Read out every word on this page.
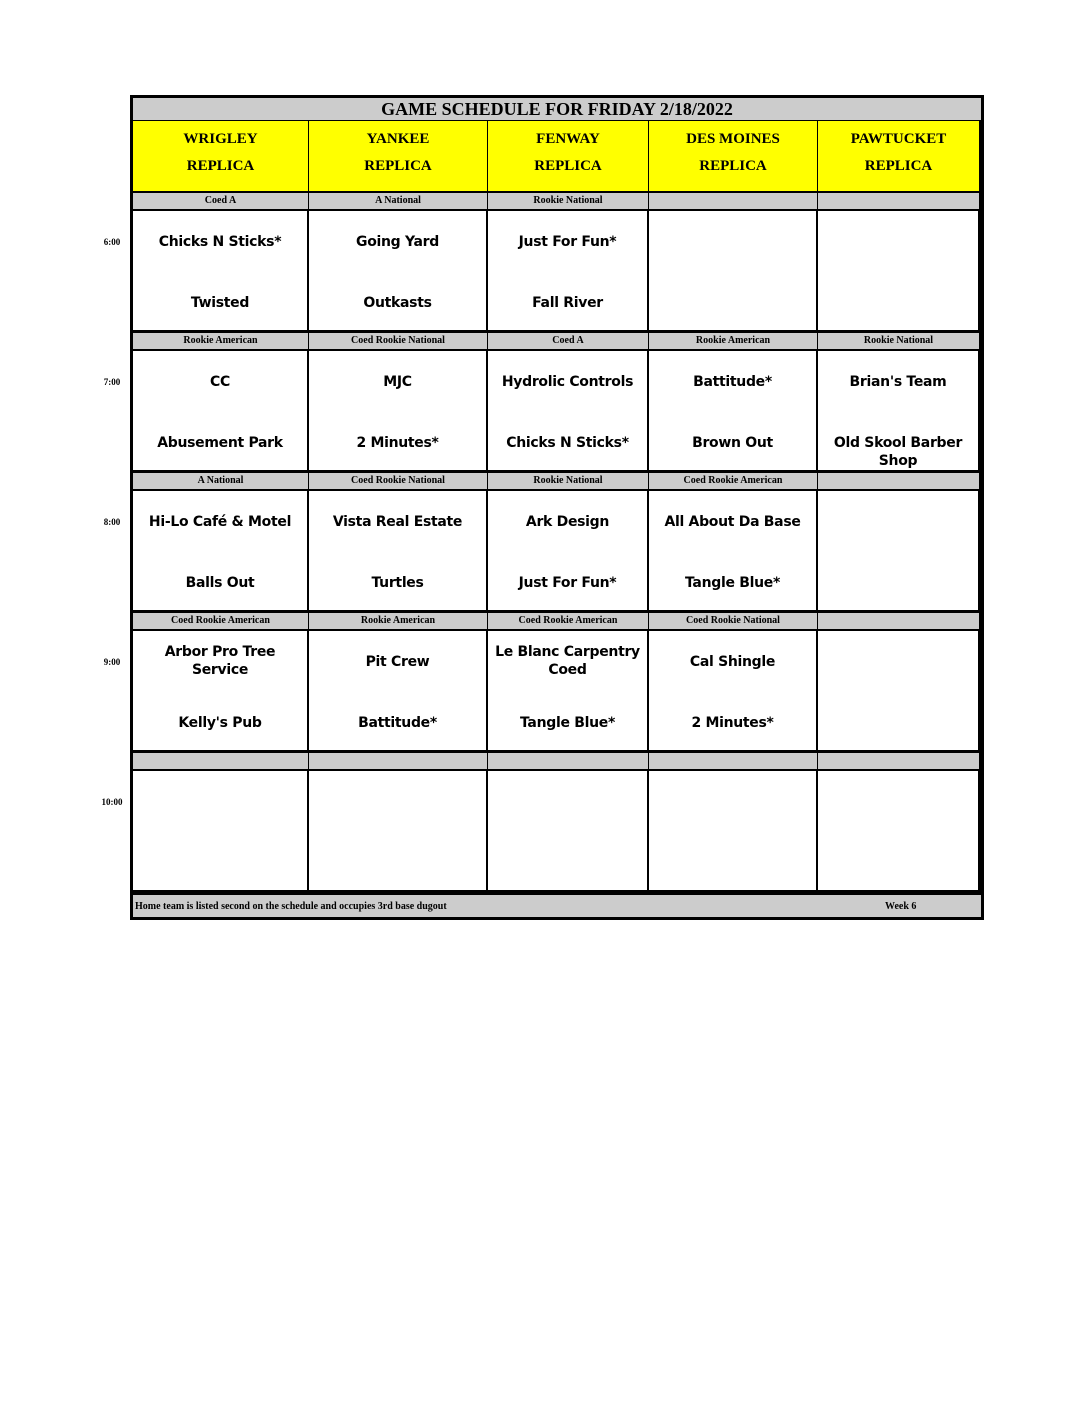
GAME SCHEDULE FOR FRIDAY 2/18/2022
WRIGLEY
REPLICA
YANKEE
REPLICA
FENWAY
REPLICA
DES MOINES
REPLICA
PAWTUCKET
REPLICA
6:00
Coed A
Chicks N Sticks*
Twisted
A National
Going Yard
Outkasts
Rookie National
Just For Fun*
Fall River
7:00
Rookie American
CC
Abusement Park
Coed Rookie National
MJC
2 Minutes*
Coed A
Hydrolic Controls
Chicks N Sticks*
Rookie American
Battitude*
Brown Out
Rookie National
Brian's Team
Old Skool Barber Shop
8:00
A National
Hi-Lo Café & Motel
Balls Out
Coed Rookie National
Vista Real Estate
Turtles
Rookie National
Ark Design
Just For Fun*
Coed Rookie American
All About Da Base
Tangle Blue*
9:00
Coed Rookie American
Arbor Pro Tree Service
Kelly's Pub
Rookie American
Pit Crew
Battitude*
Coed Rookie American
Le Blanc Carpentry Coed
Tangle Blue*
Coed Rookie National
Cal Shingle
2 Minutes*
10:00
Home team is listed second on the schedule and occupies 3rd base dugout	Week 6
